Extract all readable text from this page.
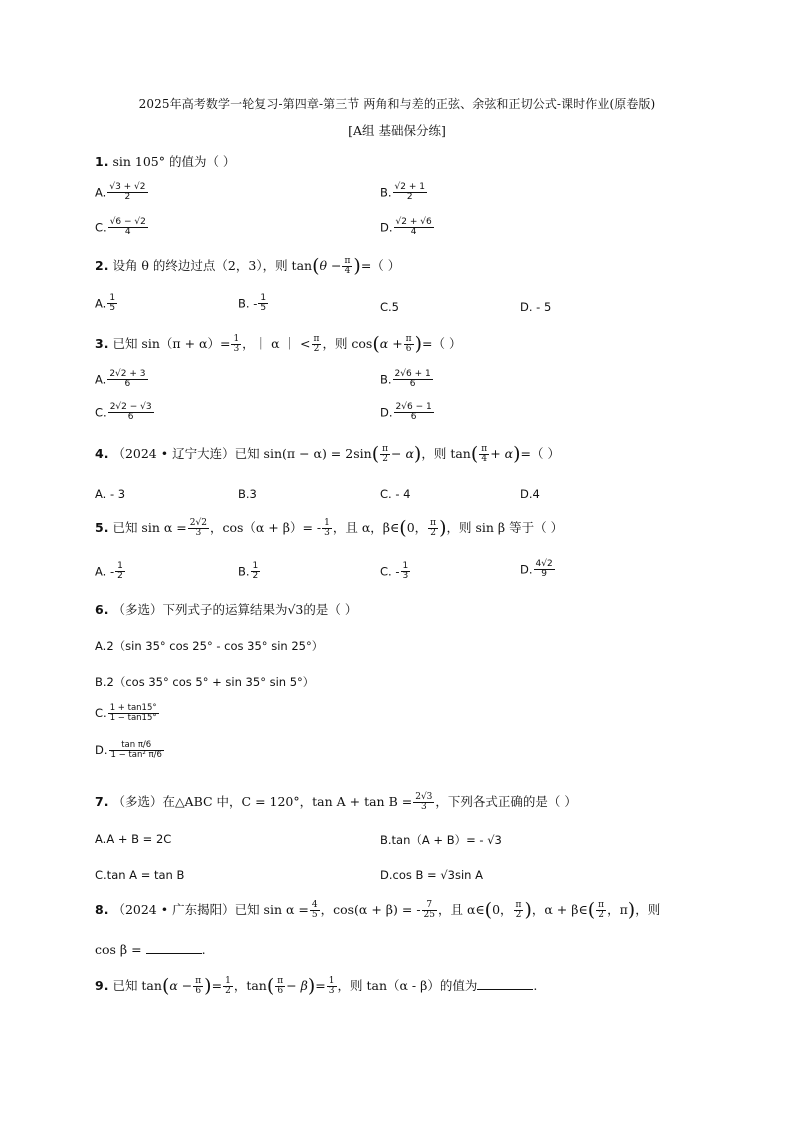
2025年高考数学一轮复习-第四章-第三节 两角和与差的正弦、余弦和正切公式-课时作业(原卷版)
[A组 基础保分练]
1. sin 105° 的值为（ ）
A. $\frac{√3 + √2}{2}$	B. $\frac{√2 + 1}{2}$
C. $\frac{√6 - √2}{4}$	D. $\frac{√2 + √6}{4}$
2. 设角 θ 的终边过点（2，3），则 $\tan(\theta - \frac{\pi}{4}$ )=（ ）
A. $\frac{1}{5}$	B. - $\frac{1}{5}$	C.5	D. - 5
3. 已知 $\sin(\pi + \alpha)= \frac{1}{3}$ ，｜ α ｜ < $\frac{\pi}{2}$ ，则 $\cos(\alpha + \frac{\pi}{6}$ )=（ ）
A. $\frac{2√2 + 3}{6}$	B. $\frac{2√6 + 1}{6}$
C. $\frac{2√2 - √3}{6}$	D. $\frac{2√6 - 1}{6}$
4. （2024 • 辽宁大连）已知 $\sin(\pi - \alpha) = 2\sin( \frac{\pi}{2} - \alpha)$，则 $\tan( \frac{\pi}{4} + \alpha)=$（ ）
A. - 3	B.3	C. - 4	D.4
5. 已知 $\sin \alpha = \frac{2√2}{3}$ ，$\cos(\alpha + \beta)= - \frac{1}{3}$ ，且 α，β∈(0， $\frac{\pi}{2}$ )，则 sin β 等于（ ）
A. - $\frac{1}{2}$	B. $\frac{1}{2}$	C. - $\frac{1}{3}$	D. $\frac{4√2}{9}$
6. （多选）下列式子的运算结果为√3的是（ ）
A.2（sin 35° cos 25° - cos 35° sin 25°）
B.2（cos 35° cos 5° + sin 35° sin 5°）
C. $\frac{1 + \tan 15^\circ}{1 - \tan 15^\circ}$
D. $\frac{\text{tan π/6}}{\text{1 − tan² π/6}}$
7. （多选）在△ABC 中，C = 120°，$\tan A + \tan B = \frac{2√3}{3}$ ，下列各式正确的是（ ）
A.A + B = 2C	B.tan（A + B）= - √3
C.tan A = tan B	D.cos B = √3sin A
8. （2024 • 广东揭阳）已知 $\sin \alpha = \frac{4}{5}$ ，cos(α + β) = - $\frac{7}{25}$ ，且 α∈(0， $\frac{\pi}{2}$ )，α + β∈( $\frac{\pi}{2}$ ，π)，则
cos β =	.
9. 已知 $\tan(\alpha - \frac{\pi}{6}$ )= $\frac{1}{2}$ ，$\tan( \frac{\pi}{6} - \beta)= \frac{1}{3}$ ，则 tan（α - β）的值为	.
